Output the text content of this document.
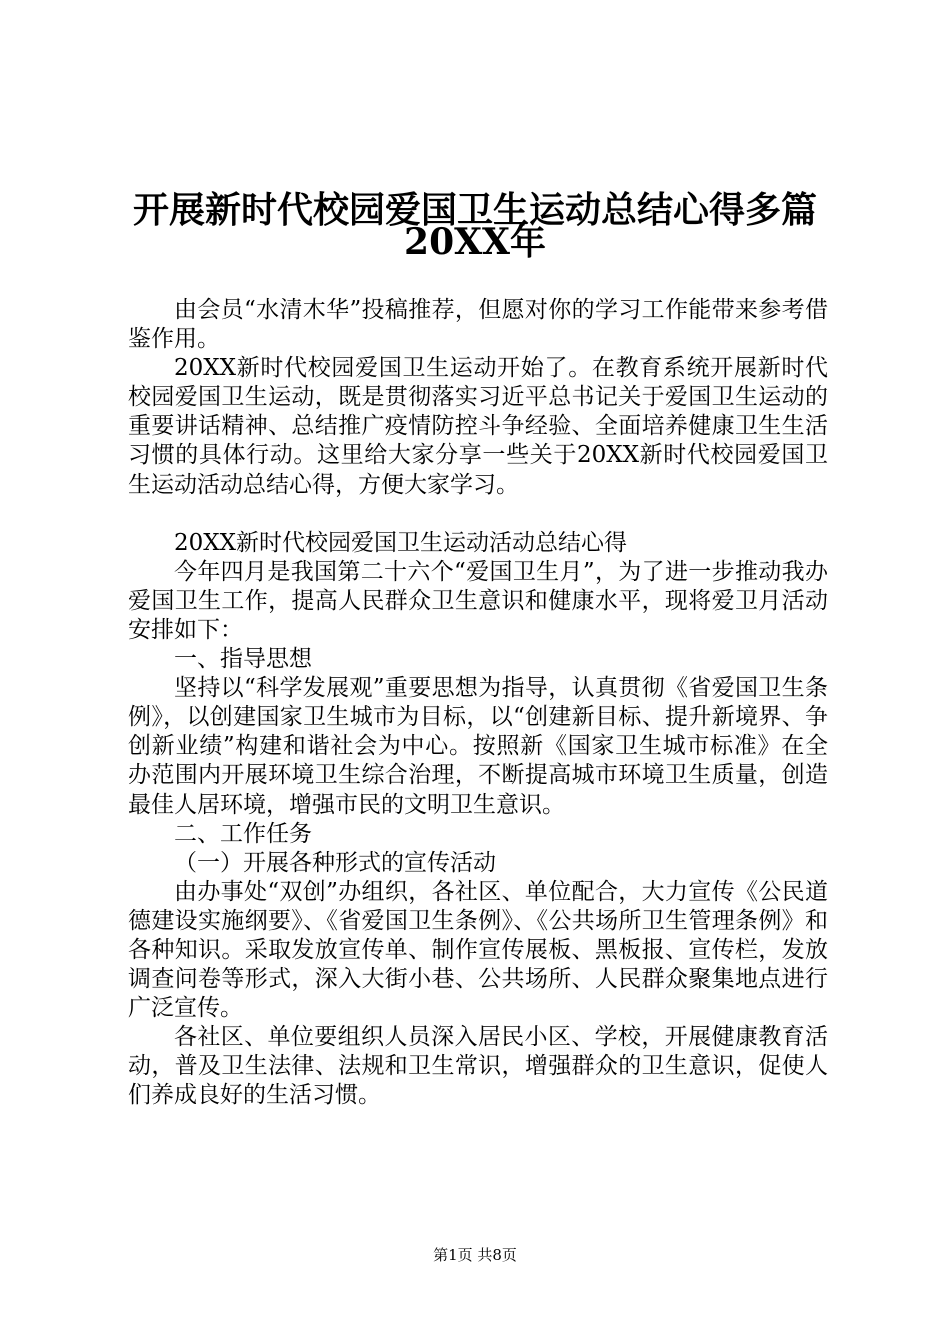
开展新时代校园爱国卫生运动总结心得多篇
20XX年

由会员“水清木华”投稿推荐，但愿对你的学习工作能带来参考借鉴作用。

20XX新时代校园爱国卫生运动开始了。在教育系统开展新时代校园爱国卫生运动，既是贯彻落实习近平总书记关于爱国卫生运动的重要讲话精神、总结推广疫情防控斗争经验、全面培养健康卫生生活习惯的具体行动。这里给大家分享一些关于20XX新时代校园爱国卫生运动活动总结心得，方便大家学习。

20XX新时代校园爱国卫生运动活动总结心得

今年四月是我国第二十六个“爱国卫生月”，为了进一步推动我办爱国卫生工作，提高人民群众卫生意识和健康水平，现将爱卫月活动安排如下：

一、指导思想

坚持以“科学发展观”重要思想为指导，认真贯彻《省爱国卫生条例》，以创建国家卫生城市为目标，以“创建新目标、提升新境界、争创新业绩”构建和谐社会为中心。按照新《国家卫生城市标准》在全办范围内开展环境卫生综合治理，不断提高城市环境卫生质量，创造最佳人居环境，增强市民的文明卫生意识。

二、工作任务

（一）开展各种形式的宣传活动

由办事处“双创”办组织，各社区、单位配合，大力宣传《公民道德建设实施纲要》、《省爱国卫生条例》、《公共场所卫生管理条例》和各种知识。采取发放宣传单、制作宣传展板、黑板报、宣传栏，发放调查问卷等形式，深入大街小巷、公共场所、人民群众聚集地点进行广泛宣传。

各社区、单位要组织人员深入居民小区、学校，开展健康教育活动，普及卫生法律、法规和卫生常识，增强群众的卫生意识，促使人们养成良好的生活习惯。

第1页 共8页
